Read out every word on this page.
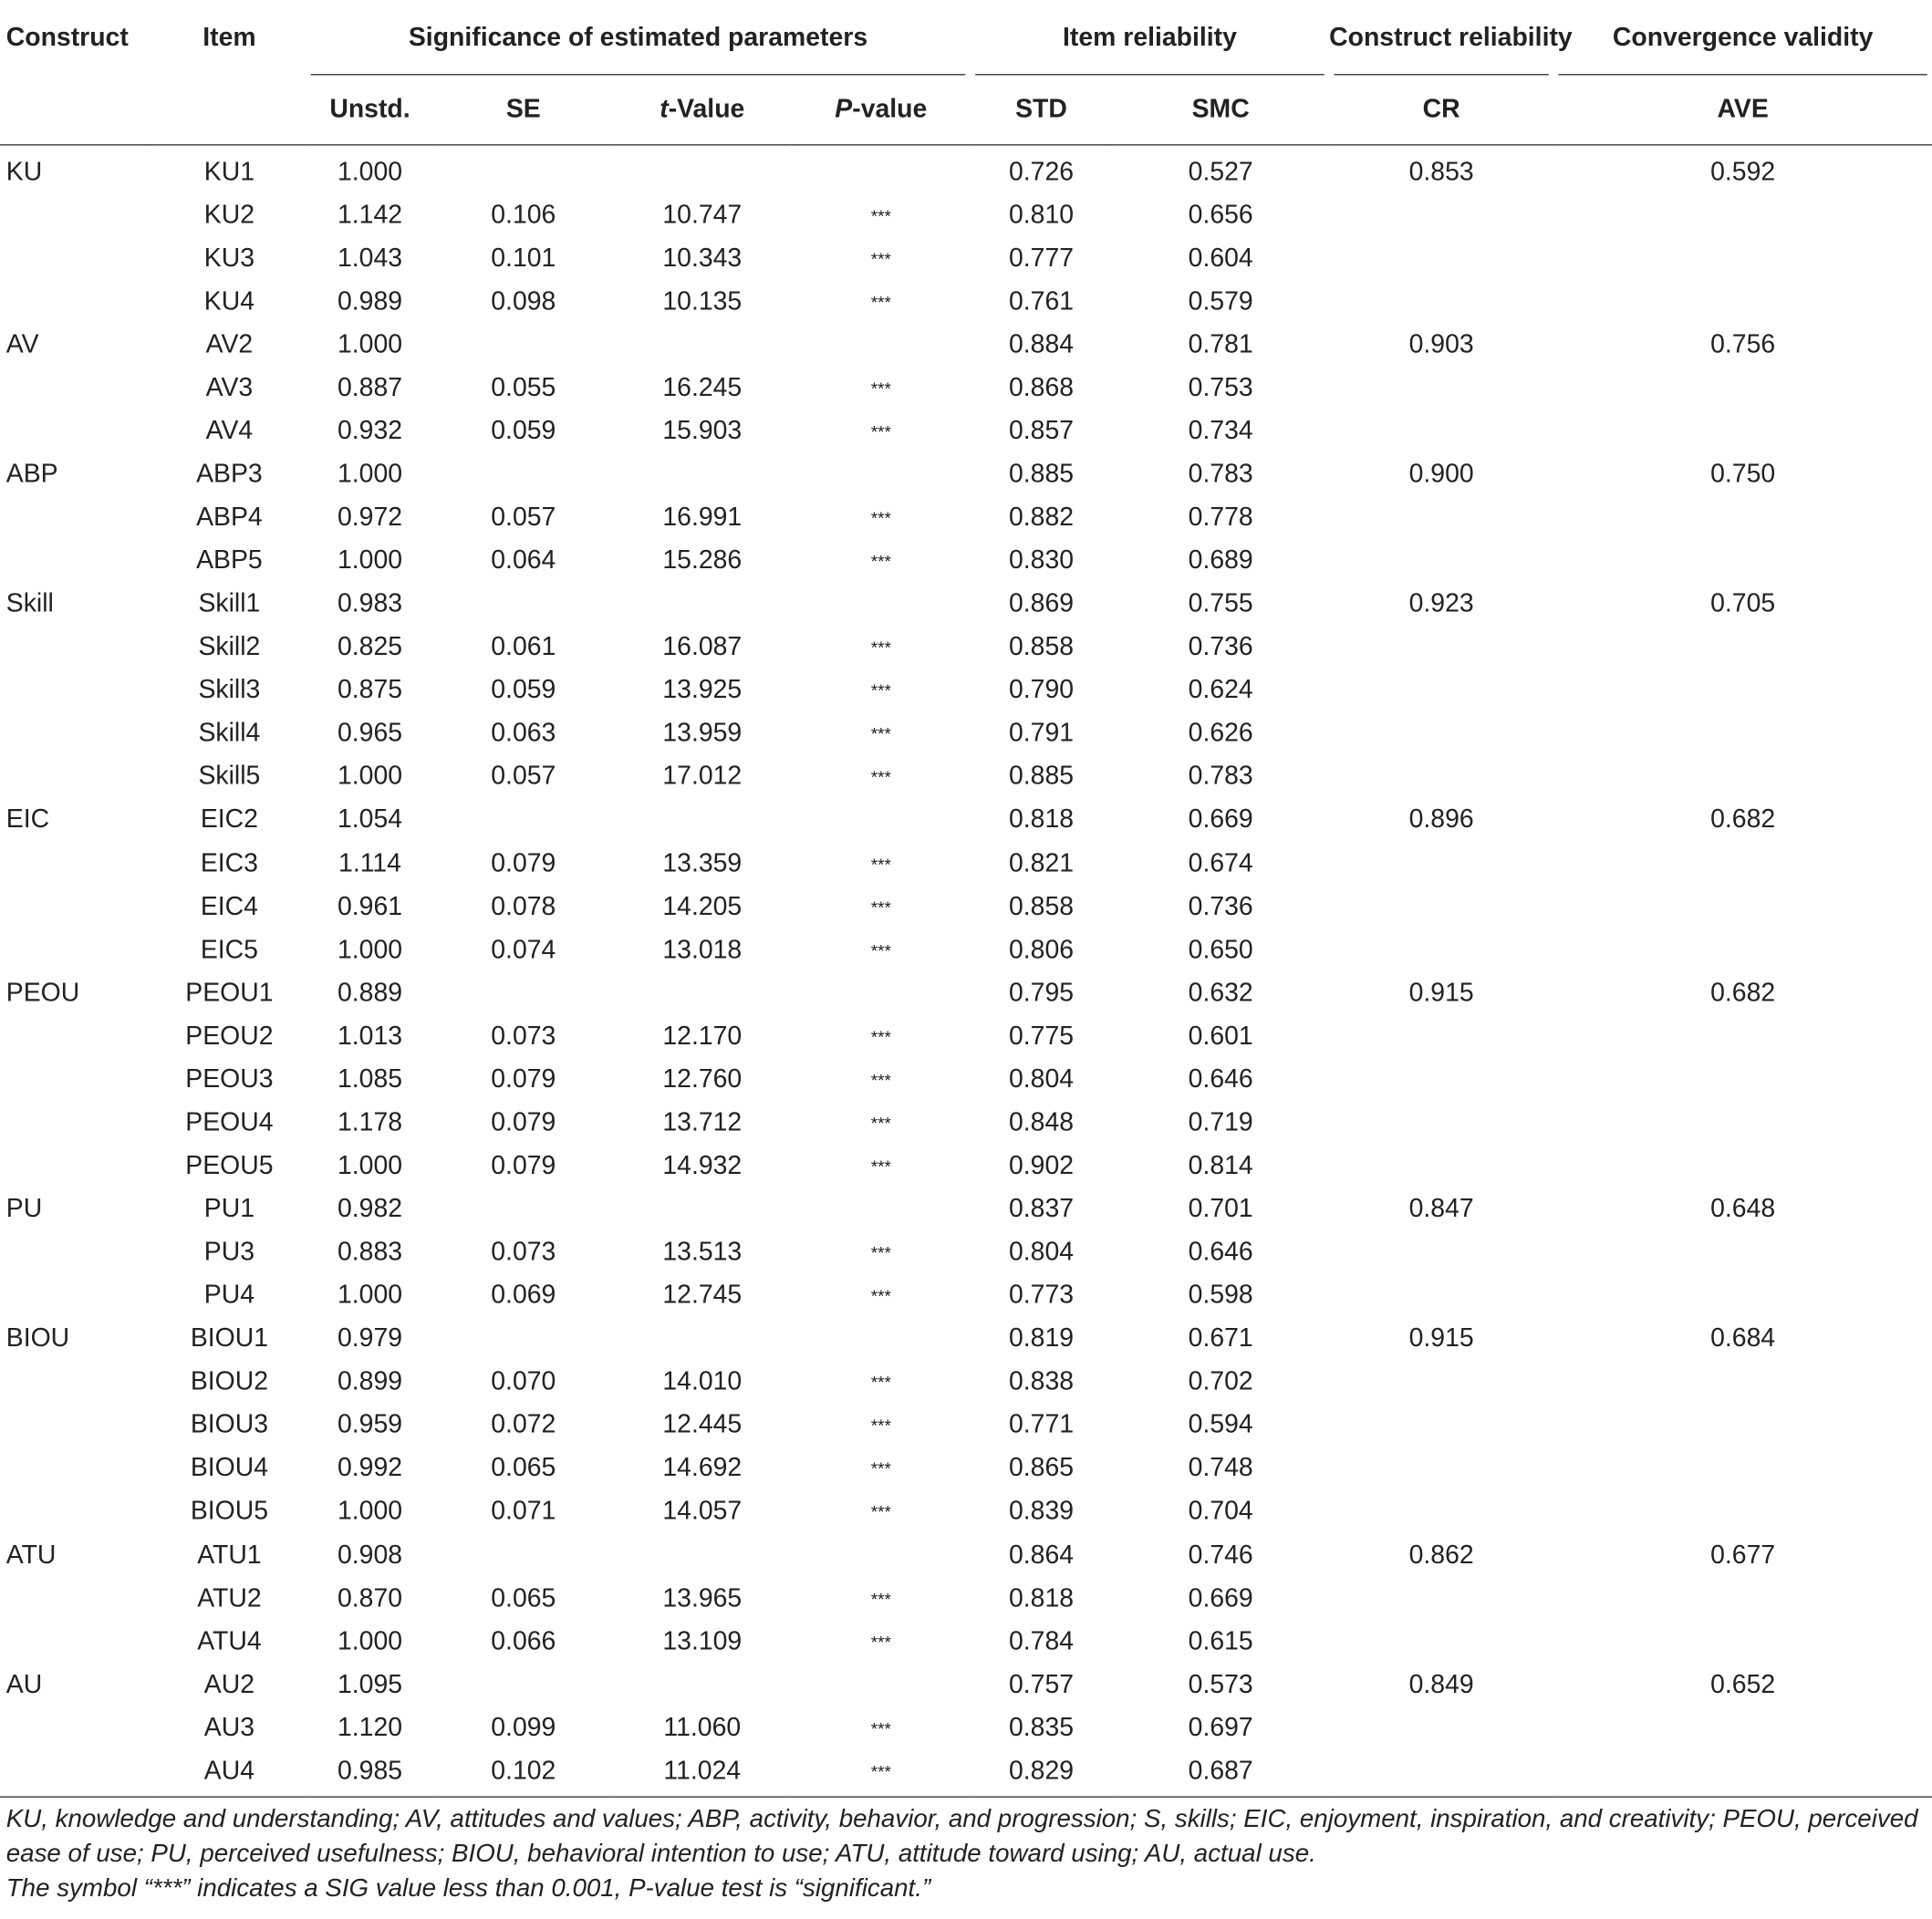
Construct	Item	Significance of estimated parameters				Item reliability		Construct reliability	Convergence validity
		Unstd.	SE	t-Value	P-value	STD	SMC	CR	AVE
KU	KU1	1.000				0.726	0.527	0.853	0.592
	KU2	1.142	0.106	10.747	***	0.810	0.656		
	KU3	1.043	0.101	10.343	***	0.777	0.604		
	KU4	0.989	0.098	10.135	***	0.761	0.579		
AV	AV2	1.000				0.884	0.781	0.903	0.756
	AV3	0.887	0.055	16.245	***	0.868	0.753		
	AV4	0.932	0.059	15.903	***	0.857	0.734		
ABP	ABP3	1.000				0.885	0.783	0.900	0.750
	ABP4	0.972	0.057	16.991	***	0.882	0.778		
	ABP5	1.000	0.064	15.286	***	0.830	0.689		
Skill	Skill1	0.983				0.869	0.755	0.923	0.705
	Skill2	0.825	0.061	16.087	***	0.858	0.736		
	Skill3	0.875	0.059	13.925	***	0.790	0.624		
	Skill4	0.965	0.063	13.959	***	0.791	0.626		
	Skill5	1.000	0.057	17.012	***	0.885	0.783		
EIC	EIC2	1.054				0.818	0.669	0.896	0.682
	EIC3	1.114	0.079	13.359	***	0.821	0.674		
	EIC4	0.961	0.078	14.205	***	0.858	0.736		
	EIC5	1.000	0.074	13.018	***	0.806	0.650		
PEOU	PEOU1	0.889				0.795	0.632	0.915	0.682
	PEOU2	1.013	0.073	12.170	***	0.775	0.601		
	PEOU3	1.085	0.079	12.760	***	0.804	0.646		
	PEOU4	1.178	0.079	13.712	***	0.848	0.719		
	PEOU5	1.000	0.079	14.932	***	0.902	0.814		
PU	PU1	0.982				0.837	0.701	0.847	0.648
	PU3	0.883	0.073	13.513	***	0.804	0.646		
	PU4	1.000	0.069	12.745	***	0.773	0.598		
BIOU	BIOU1	0.979				0.819	0.671	0.915	0.684
	BIOU2	0.899	0.070	14.010	***	0.838	0.702		
	BIOU3	0.959	0.072	12.445	***	0.771	0.594		
	BIOU4	0.992	0.065	14.692	***	0.865	0.748		
	BIOU5	1.000	0.071	14.057	***	0.839	0.704		
ATU	ATU1	0.908				0.864	0.746	0.862	0.677
	ATU2	0.870	0.065	13.965	***	0.818	0.669		
	ATU4	1.000	0.066	13.109	***	0.784	0.615		
AU	AU2	1.095				0.757	0.573	0.849	0.652
	AU3	1.120	0.099	11.060	***	0.835	0.697		
	AU4	0.985	0.102	11.024	***	0.829	0.687		
KU, knowledge and understanding; AV, attitudes and values; ABP, activity, behavior, and progression; S, skills; EIC, enjoyment, inspiration, and creativity; PEOU, perceived ease of use; PU, perceived usefulness; BIOU, behavioral intention to use; ATU, attitude toward using; AU, actual use.
The symbol “***” indicates a SIG value less than 0.001, P-value test is “significant.”
